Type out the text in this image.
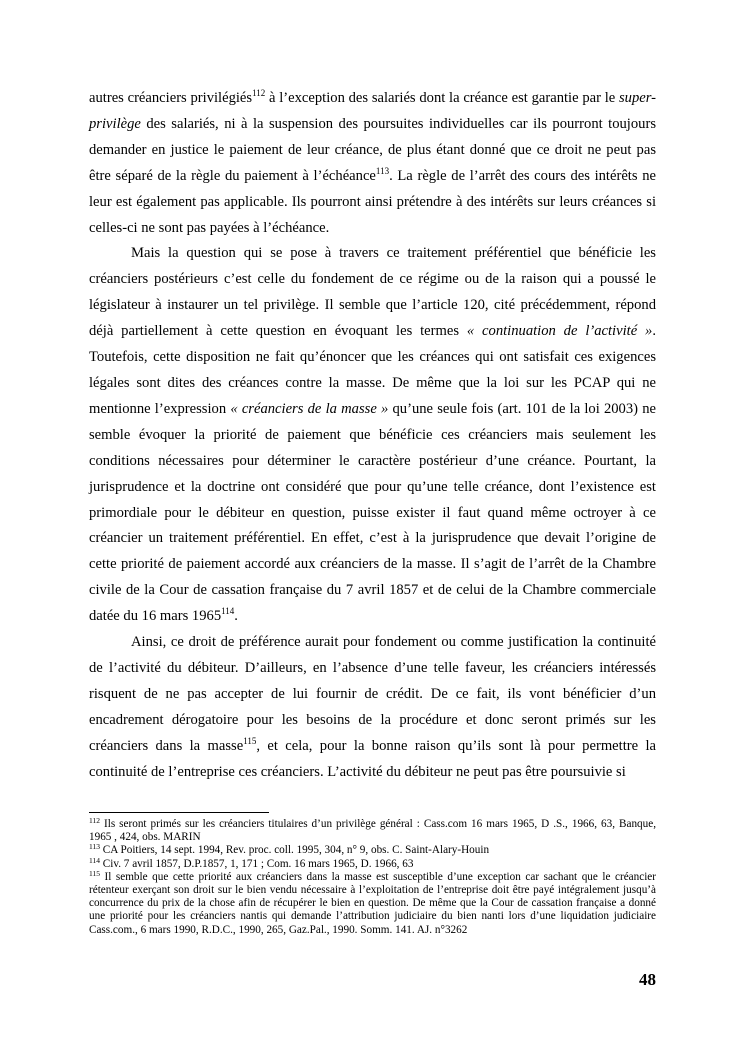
autres créanciers privilégiés$^{112}$ à l’exception des salariés dont la créance est garantie par le super-privilège des salariés, ni à la suspension des poursuites individuelles car ils pourront toujours demander en justice le paiement de leur créance, de plus étant donné que ce droit ne peut pas être séparé de la règle du paiement à l’échéance$^{113}$. La règle de l’arrêt des cours des intérêts ne leur est également pas applicable. Ils pourront ainsi prétendre à des intérêts sur leurs créances si celles-ci ne sont pas payées à l’échéance.

Mais la question qui se pose à travers ce traitement préférentiel que bénéficie les créanciers postérieurs c’est celle du fondement de ce régime ou de la raison qui a poussé le législateur à instaurer un tel privilège. Il semble que l’article 120, cité précédemment, répond déjà partiellement à cette question en évoquant les termes « continuation de l’activité ». Toutefois, cette disposition ne fait qu’énoncer que les créances qui ont satisfait ces exigences légales sont dites des créances contre la masse. De même que la loi sur les PCAP qui ne mentionne l’expression « créanciers de la masse » qu’une seule fois (art. 101 de la loi 2003) ne semble évoquer la priorité de paiement que bénéficie ces créanciers mais seulement les conditions nécessaires pour déterminer le caractère postérieur d’une créance. Pourtant, la jurisprudence et la doctrine ont considéré que pour qu’une telle créance, dont l’existence est primordiale pour le débiteur en question, puisse exister il faut quand même octroyer à ce créancier un traitement préférentiel. En effet, c’est à la jurisprudence que devait l’origine de cette priorité de paiement accordé aux créanciers de la masse. Il s’agit de l’arrêt de la Chambre civile de la Cour de cassation française du 7 avril 1857 et de celui de la Chambre commerciale datée du 16 mars 1965$^{114}$.

Ainsi, ce droit de préférence aurait pour fondement ou comme justification la continuité de l’activité du débiteur. D’ailleurs, en l’absence d’une telle faveur, les créanciers intéressés risquent de ne pas accepter de lui fournir de crédit. De ce fait, ils vont bénéficier d’un encadrement dérogatoire pour les besoins de la procédure et donc seront primés sur les créanciers dans la masse$^{115}$, et cela, pour la bonne raison qu’ils sont là pour permettre la continuité de l’entreprise ces créanciers. L’activité du débiteur ne peut pas être poursuivie si

$^{112}$ Ils seront primés sur les créanciers titulaires d’un privilège général : Cass.com 16 mars 1965, D .S., 1966, 63, Banque, 1965 , 424, obs. MARIN

$^{113}$ CA Poitiers, 14 sept. 1994, Rev. proc. coll. 1995, 304, n° 9, obs. C. Saint-Alary-Houin

$^{114}$ Civ. 7 avril 1857, D.P.1857, 1, 171 ; Com. 16 mars 1965, D. 1966, 63

$^{115}$ Il semble que cette priorité aux créanciers dans la masse est susceptible d’une exception car sachant que le créancier rétenteur exerçant son droit sur le bien vendu nécessaire à l’exploitation de l’entreprise doit être payé intégralement jusqu’à concurrence du prix de la chose afin de récupérer le bien en question. De même que la Cour de cassation française a donné une priorité pour les créanciers nantis qui demande l’attribution judiciaire du bien nanti lors d’une liquidation judiciaire Cass.com., 6 mars 1990, R.D.C., 1990, 265, Gaz.Pal., 1990. Somm. 141. AJ. n°3262

48
